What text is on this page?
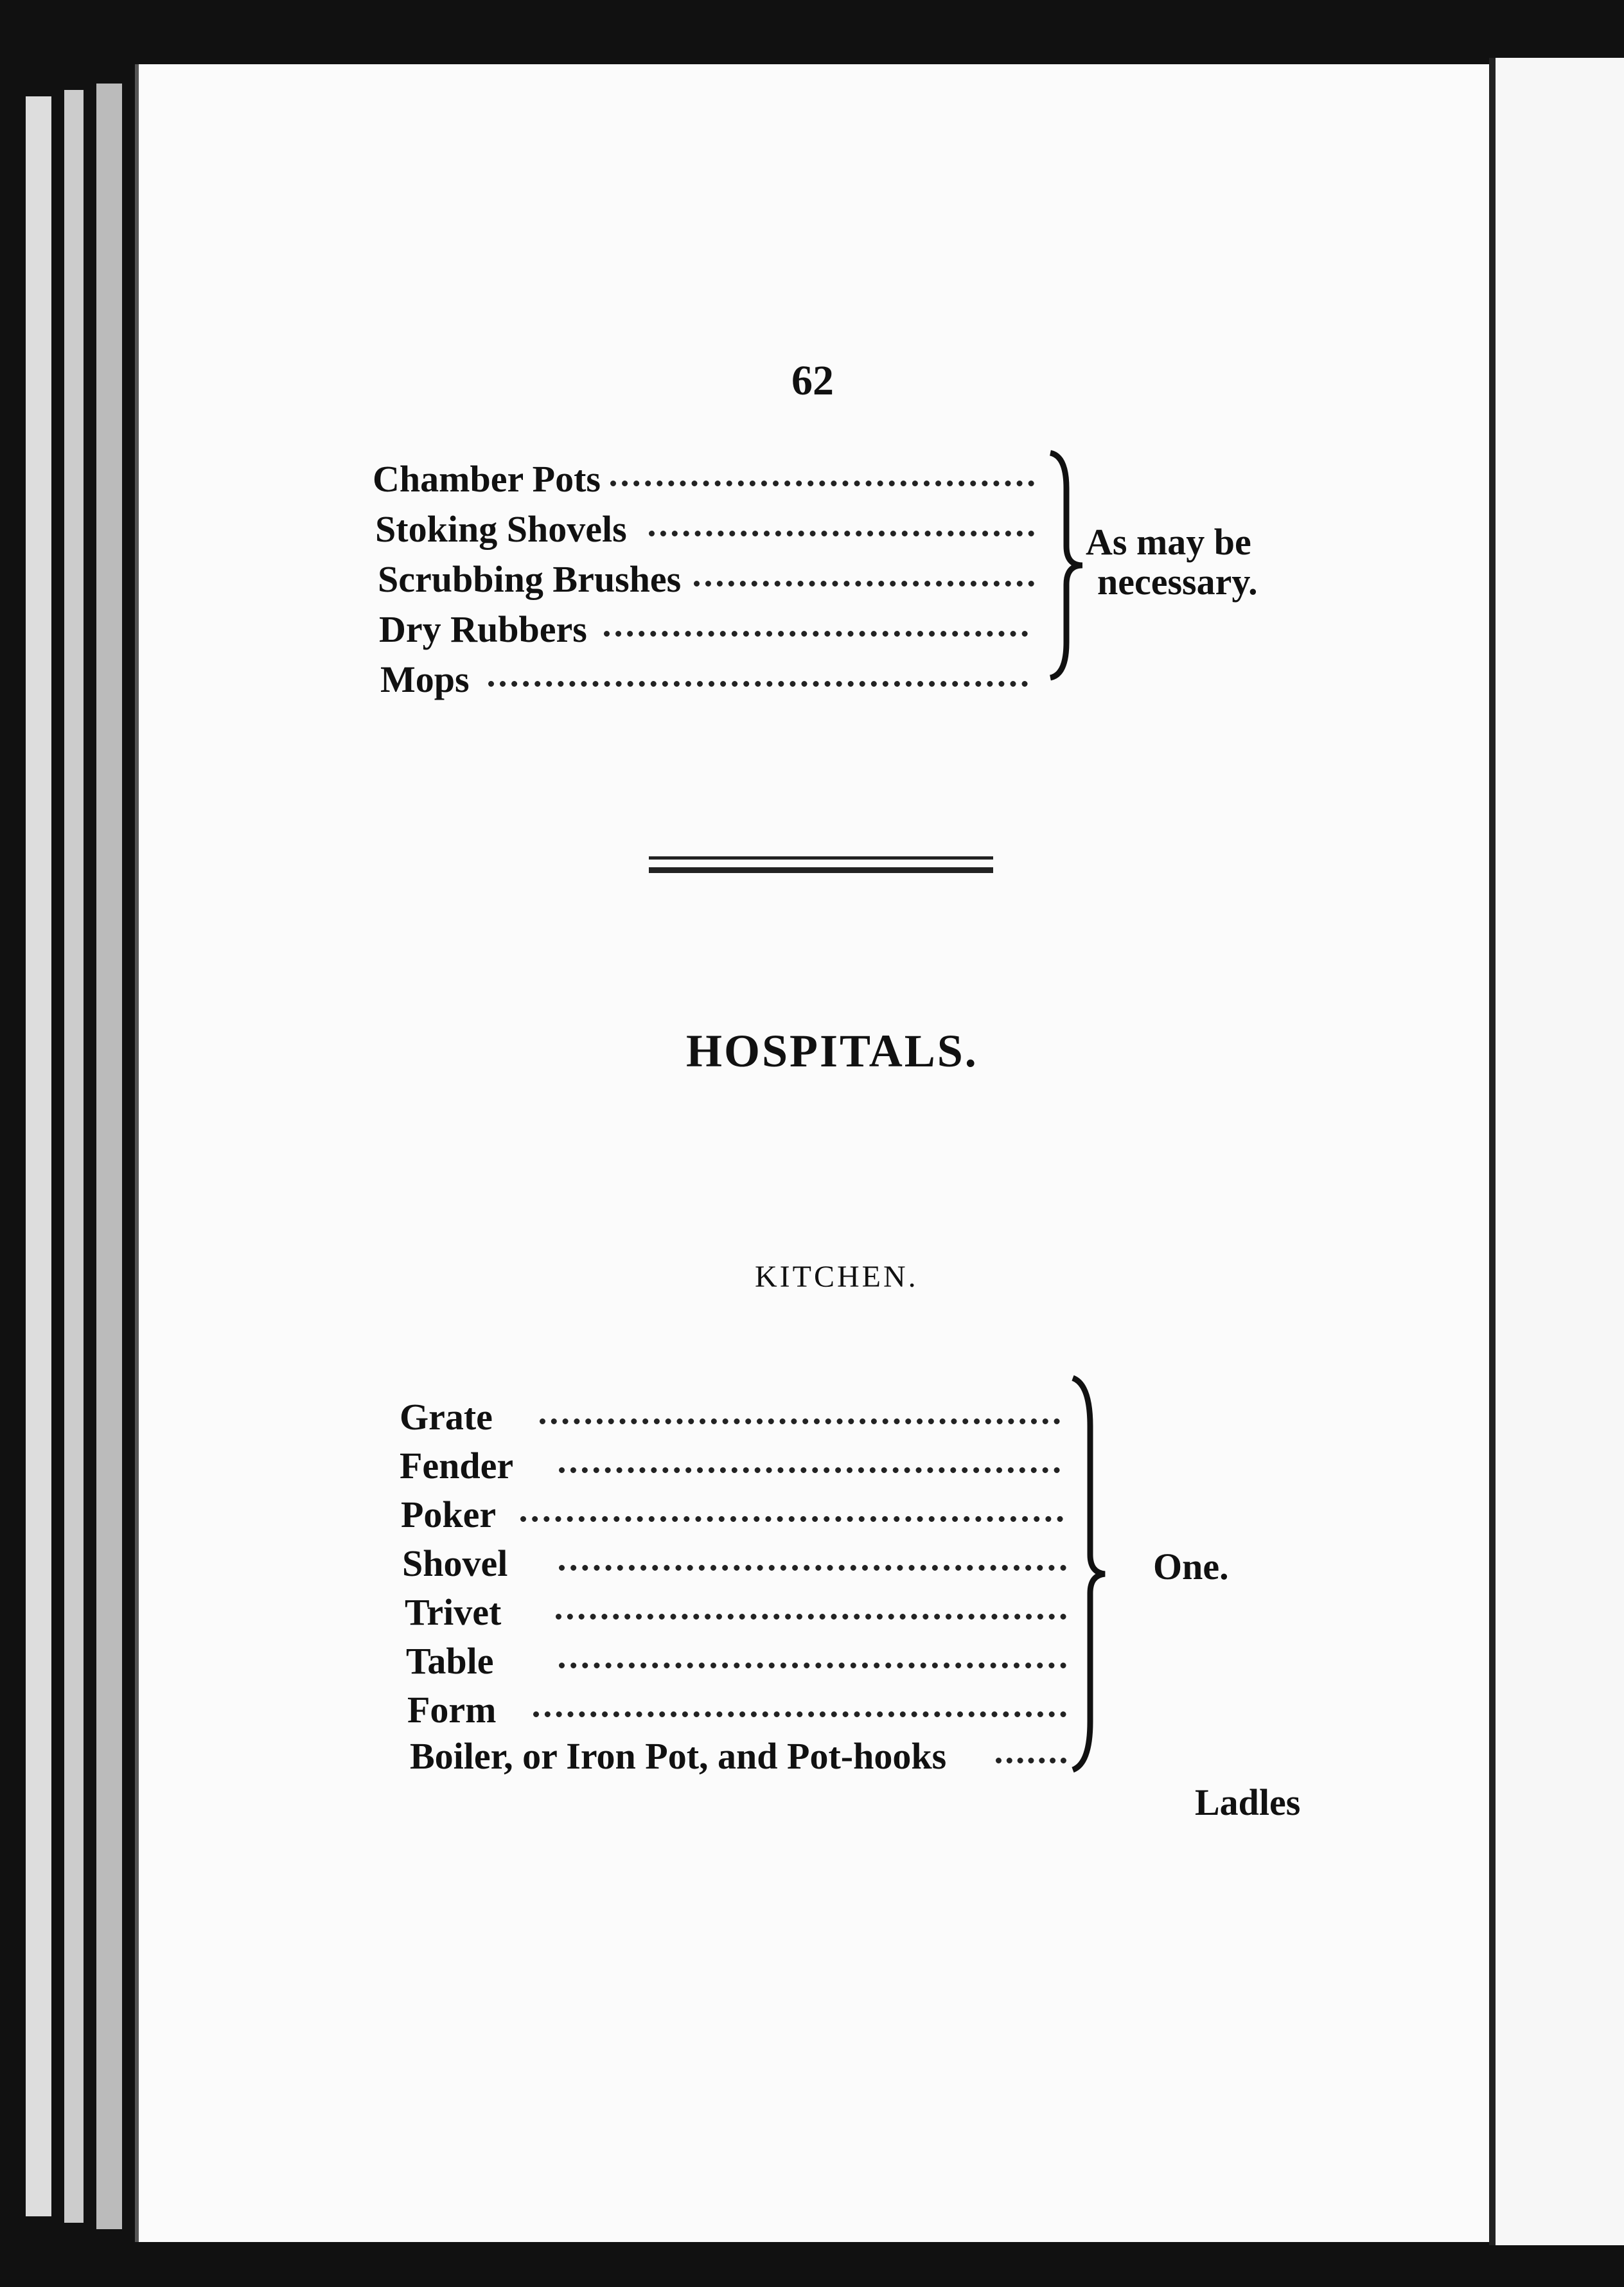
62
Chamber Pots
Stoking Shovels
Scrubbing Brushes
Dry Rubbers
Mops
As may be
necessary.
HOSPITALS.
KITCHEN.
Grate
Fender
Poker
Shovel
Trivet
Table
Form
Boiler, or Iron Pot, and Pot-hooks
One.
Ladles
